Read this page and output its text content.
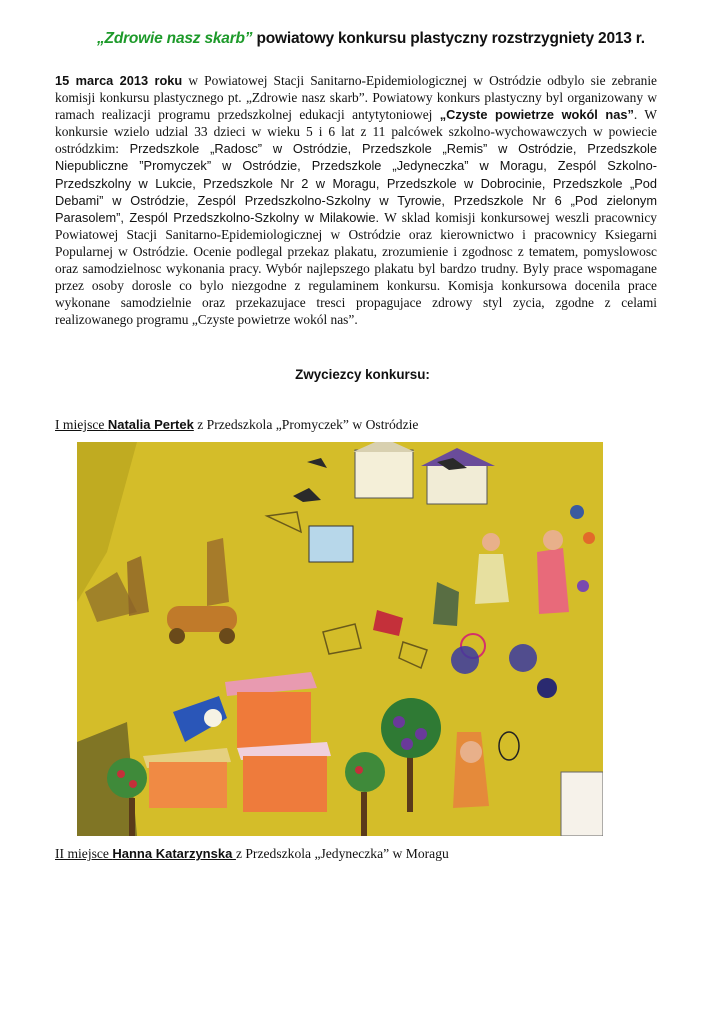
„Zdrowie nasz skarb” powiatowy konkursu plastyczny rozstrzygniety 2013 r.
15 marca 2013 roku w Powiatowej Stacji Sanitarno-Epidemiologicznej w Ostródzie odbylo sie zebranie komisji konkursu plastycznego pt. „Zdrowie nasz skarb”. Powiatowy konkurs plastyczny byl organizowany w ramach realizacji programu przedszkolnej edukacji antytytoniowej „Czyste powietrze wokól nas”. W konkursie wzielo udzial 33 dzieci w wieku 5 i 6 lat z 11 palcówek szkolno-wychowawczych w powiecie ostródzkim: Przedszkole „Radosc” w Ostródzie, Przedszkole „Remis” w Ostródzie, Przedszkole Niepubliczne ”Promyczek” w Ostródzie, Przedszkole „Jedyneczka” w Moragu, Zespól Szkolno-Przedszkolny w Lukcie, Przedszkole Nr 2 w Moragu, Przedszkole w Dobrocinie, Przedszkole „Pod Debami” w Ostródzie, Zespól Przedszkolno-Szkolny w Tyrowie, Przedszkole Nr 6 „Pod zielonym Parasolem”, Zespól Przedszkolno-Szkolny w Milakowie. W sklad komisji konkursowej weszli pracownicy Powiatowej Stacji Sanitarno-Epidemiologicznej w Ostródzie oraz kierownictwo i pracownicy Ksiegarni Popularnej w Ostródzie. Ocenie podlegal przekaz plakatu, zrozumienie i zgodnosc z tematem, pomyslowosc oraz samodzielnosc wykonania pracy. Wybór najlepszego plakatu byl bardzo trudny. Byly prace wspomagane przez osoby dorosle co bylo niezgodne z regulaminem konkursu. Komisja konkursowa docenila prace wykonane samodzielnie oraz przekazujace tresci propagujace zdrowy styl zycia, zgodne z celami realizowanego programu „Czyste powietrze wokól nas”.
Zwyciezcy konkursu:
I miejsce Natalia Pertek z Przedszkola „Promyczek” w Ostródzie
II miejsce Hanna Katarzynska z Przedszkola „Jedyneczka” w Moragu
